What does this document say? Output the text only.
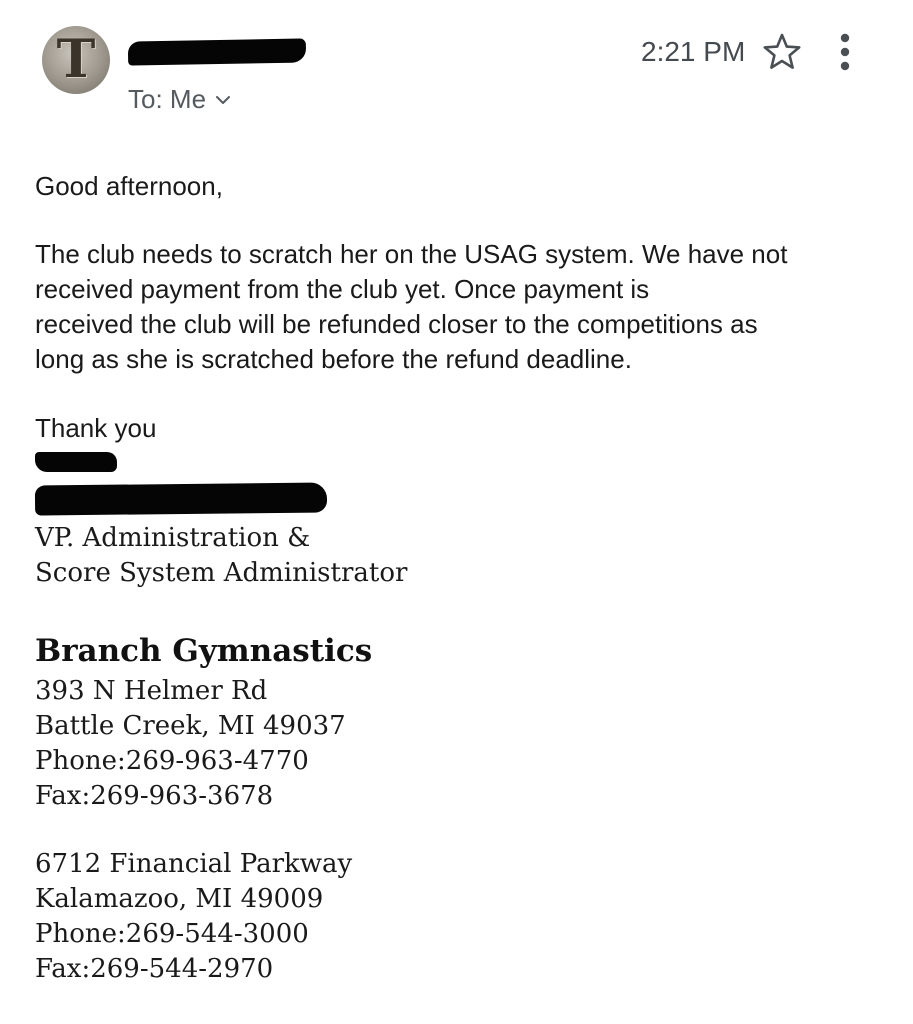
T
To: Me
2:21 PM
Good afternoon,
The club needs to scratch her on the USAG system. We have not
received payment from the club yet. Once payment is
received the club will be refunded closer to the competitions as
long as she is scratched before the refund deadline.
Thank you
VP. Administration &
Score System Administrator
Branch Gymnastics
393 N Helmer Rd
Battle Creek, MI 49037
Phone:269-963-4770
Fax:269-963-3678
6712 Financial Parkway
Kalamazoo, MI 49009
Phone:269-544-3000
Fax:269-544-2970
